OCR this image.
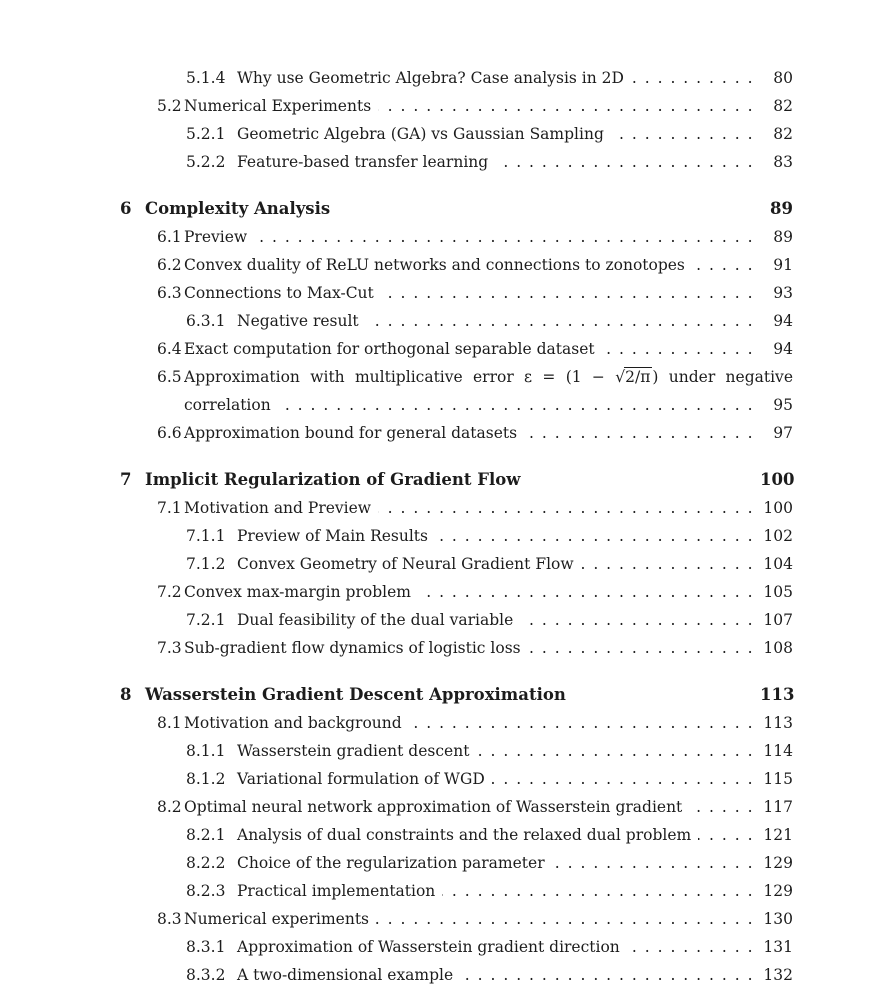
5.1.4 Why use Geometric Algebra? Case analysis in 2D . . .	80
5.2 Numerical Experiments . . .	82
5.2.1 Geometric Algebra (GA) vs Gaussian Sampling . . .	82
5.2.2 Feature-based transfer learning . . .	83
6 Complexity Analysis	89
6.1 Preview . . .	89
6.2 Convex duality of ReLU networks and connections to zonotopes . . .	91
6.3 Connections to Max-Cut . . .	93
6.3.1 Negative result . . .	94
6.4 Exact computation for orthogonal separable dataset . . .	94
6.5 Approximation with multiplicative error ε = (1 − √2/π ) under negative
correlation . . .	95
6.6 Approximation bound for general datasets . . .	97
7 Implicit Regularization of Gradient Flow	100
7.1 Motivation and Preview . . .	100
7.1.1 Preview of Main Results . . .	102
7.1.2 Convex Geometry of Neural Gradient Flow . . .	104
7.2 Convex max-margin problem . . .	105
7.2.1 Dual feasibility of the dual variable . . .	107
7.3 Sub-gradient flow dynamics of logistic loss . . .	108
8 Wasserstein Gradient Descent Approximation	113
8.1 Motivation and background . . .	113
8.1.1 Wasserstein gradient descent . . .	114
8.1.2 Variational formulation of WGD . . .	115
8.2 Optimal neural network approximation of Wasserstein gradient . . .	117
8.2.1 Analysis of dual constraints and the relaxed dual problem . . .	121
8.2.2 Choice of the regularization parameter . . .	129
8.2.3 Practical implementation . . .	129
8.3 Numerical experiments . . .	130
8.3.1 Approximation of Wasserstein gradient direction . . .	131
8.3.2 A two-dimensional example . . .	132
